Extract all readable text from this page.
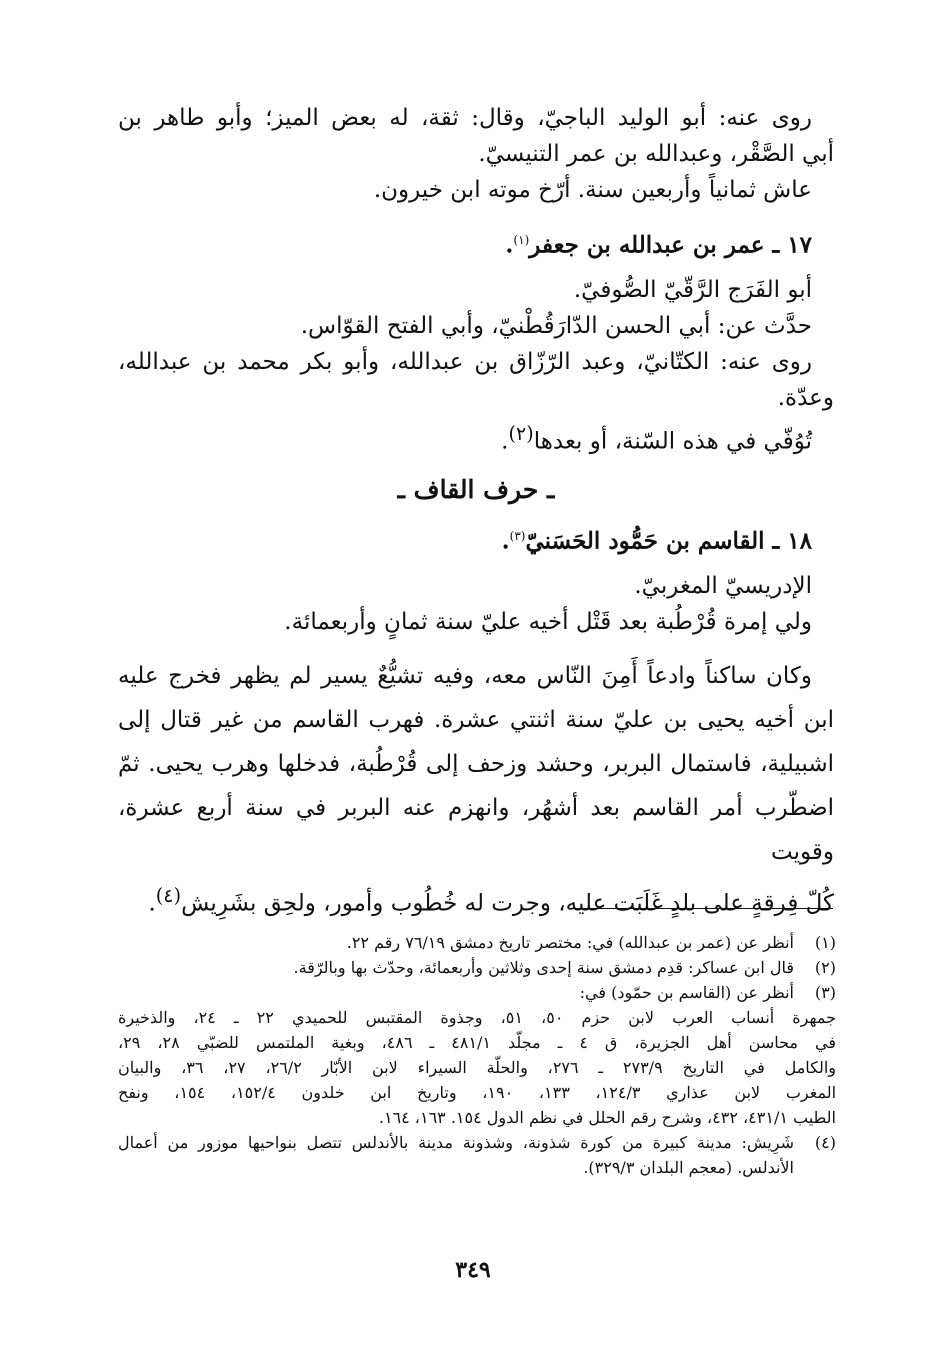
روى عنه: أبو الوليد الباجيّ، وقال: ثقة، له بعض الميز؛ وأبو طاهر بن

أبي الصَّقْر، وعبدالله بن عمر التنيسيّ.

عاش ثمانياً وأربعين سنة. أرّخ موته ابن خيرون.

١٧ ـ عمر بن عبدالله بن جعفر$^{(١)}$.

أبو الفَرَج الرَّقّيّ الصُّوفيّ.

حدَّث عن: أبي الحسن الدّارَقُطْنيّ، وأبي الفتح القوّاس.

روى عنه: الكتّانيّ، وعبد الرّزّاق بن عبدالله، وأبو بكر محمد بن عبدالله،

وعدّة.

تُوُفّي في هذه السّنة، أو بعدها$^{(٢)}$.

ـ حرف القاف ـ

١٨ ـ القاسم بن حَمُّود الحَسَنيّ$^{(٣)}$.

الإدريسيّ المغربيّ.

ولي إمرة قُرْطُبة بعد قَتْل أخيه عليّ سنة ثمانٍ وأربعمائة.

وكان ساكناً وادعاً أَمِنَ النّاس معه، وفيه تشيُّعٌ يسير لم يظهر فخرج عليه
ابن أخيه يحيى بن عليّ سنة اثنتي عشرة. فهرب القاسم من غير قتال إلى
اشبيلية، فاستمال البربر، وحشد وزحف إلى قُرْطُبة، فدخلها وهرب يحيى. ثمّ
اضطّرب أمر القاسم بعد أشهُر، وانهزم عنه البربر في سنة أربع عشرة، وقويت
كُلّ فِرقةٍ على بلدٍ غَلَبَت عليه، وجرت له خُطُوب وأمور، ولحِق بشَرِيش$^{(٤)}$.
(١)
أنظر عن (عمر بن عبدالله) في: مختصر تاريخ دمشق ٧٦/١٩ رقم ٢٢.
(٢)
قال ابن عساكر: قدِم دمشق سنة إحدى وثلاثين وأربعمائة، وحدّث بها وبالرّقة.
(٣)
أنظر عن (القاسم بن حمّود) في:
جمهرة أنساب العرب لابن حزم ٥٠، ٥١، وجذوة المقتبس للحميدي ٢٢ ـ ٢٤، والذخيرة
في محاسن أهل الجزيرة، ق ٤ ـ مجلّد ٤٨١/١ ـ ٤٨٦، وبغية الملتمس للضبّي ٢٨، ٢٩،
والكامل في التاريخ ٢٧٣/٩ ـ ٢٧٦، والحلّة السيراء لابن الأبّار ٢٦/٢، ٢٧، ٣٦، والبيان
المغرب لابن عذاري ١٢٤/٣، ١٣٣، ١٩٠، وتاريخ ابن خلدون ١٥٢/٤، ١٥٤، ونفح
الطيب ٤٣١/١، ٤٣٢، وشرح رقم الحلل في نظم الدول ١٥٤. ١٦٣، ١٦٤.
(٤)
شَرِيش: مدينة كبيرة من كورة شذونة، وشذونة مدينة بالأندلس تتصل بنواحيها موزور من أعمال
الأندلس. (معجم البلدان ٣٢٩/٣).
٣٤٩
